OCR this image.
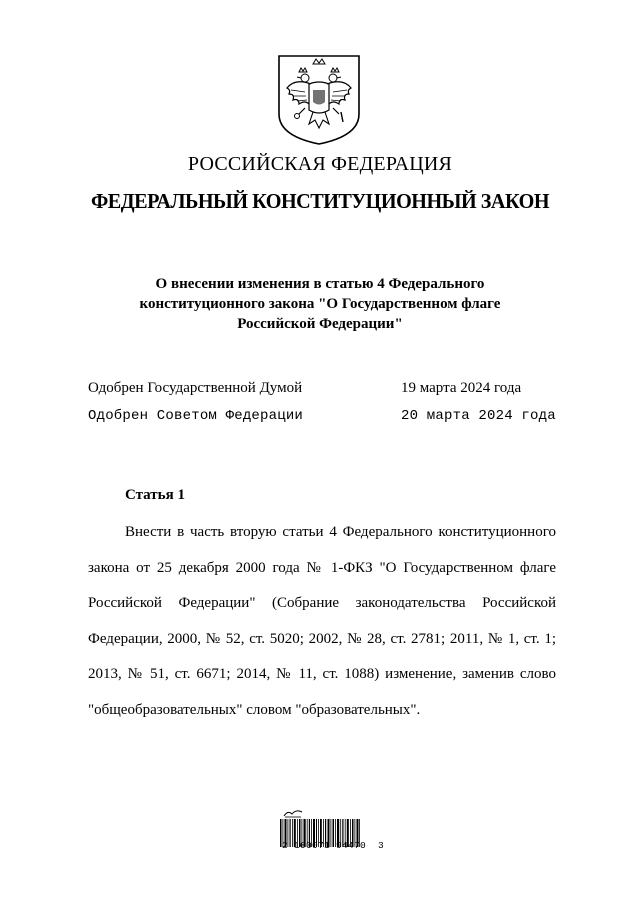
РОССИЙСКАЯ ФЕДЕРАЦИЯ
ФЕДЕРАЛЬНЫЙ КОНСТИТУЦИОННЫЙ ЗАКОН
О внесении изменения в статью 4 Федерального
конституционного закона "О Государственном флаге
Российской Федерации"
Одобрен Государственной Думой	19 марта 2024 года
Одобрен Советом Федерации	20 марта 2024 года
Статья 1

Внести в часть вторую статьи 4 Федерального конституционного закона от 25 декабря 2000 года № 1-ФКЗ "О Государственном флаге Российской Федерации" (Собрание законодательства Российской Федерации, 2000, № 52, ст. 5020; 2002, № 28, ст. 2781; 2011, № 1, ст. 1; 2013, № 51, ст. 6671; 2014, № 11, ст. 1088) изменение, заменив слово "общеобразовательных" словом "образовательных".

2 100071 94470  3
